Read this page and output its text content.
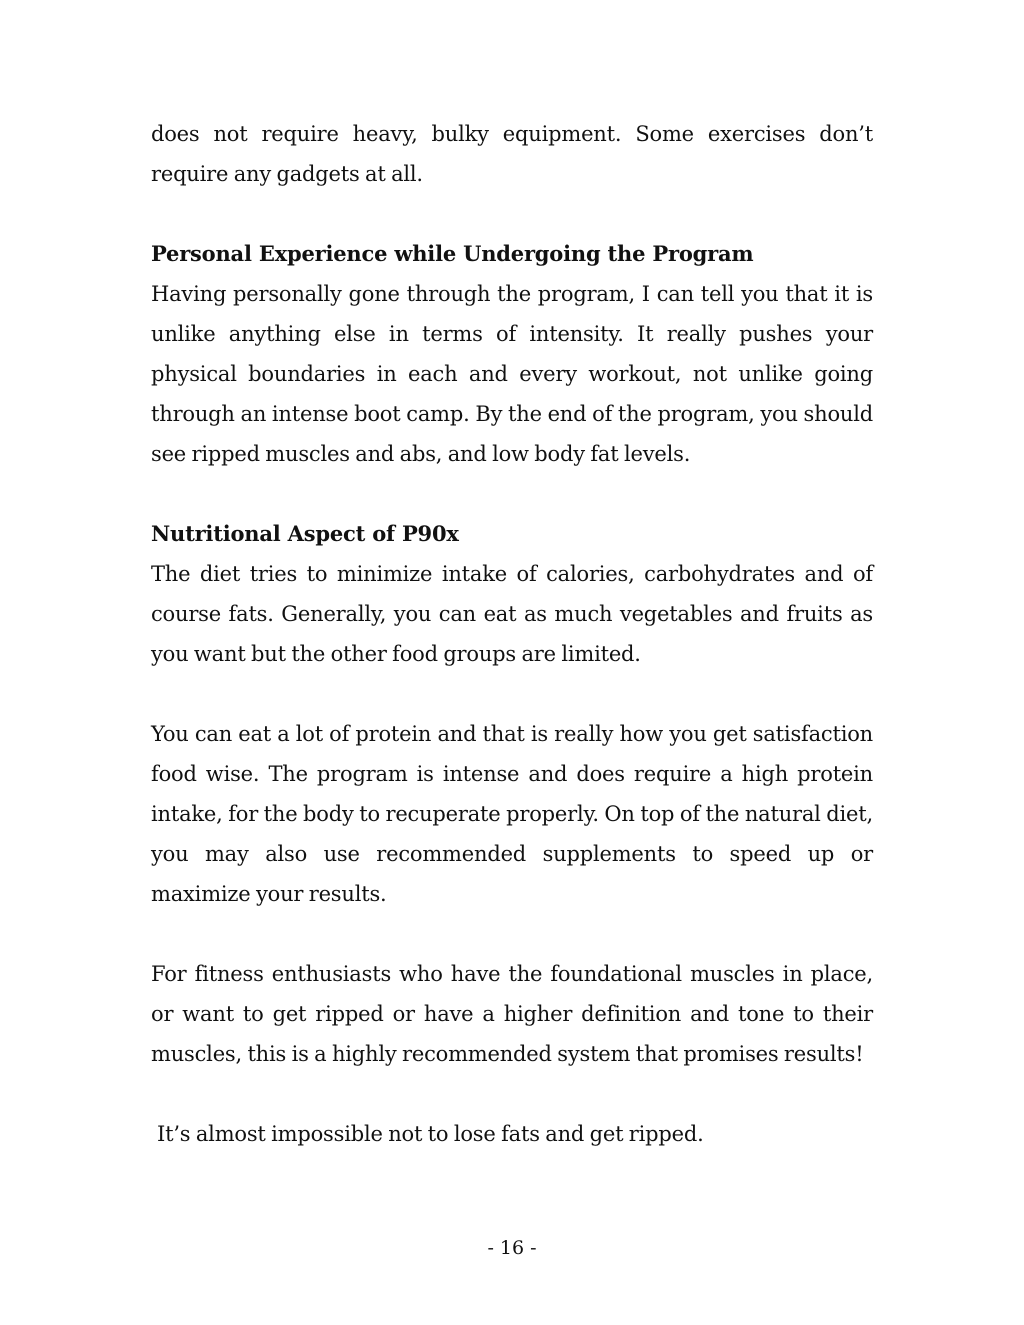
does not require heavy, bulky equipment. Some exercises don’t require any gadgets at all.

Personal Experience while Undergoing the Program

Having personally gone through the program, I can tell you that it is unlike anything else in terms of intensity. It really pushes your physical boundaries in each and every workout, not unlike going through an intense boot camp. By the end of the program, you should see ripped muscles and abs, and low body fat levels.

Nutritional Aspect of P90x

The diet tries to minimize intake of calories, carbohydrates and of course fats. Generally, you can eat as much vegetables and fruits as you want but the other food groups are limited.

You can eat a lot of protein and that is really how you get satisfaction food wise. The program is intense and does require a high protein intake, for the body to recuperate properly. On top of the natural diet, you may also use recommended supplements to speed up or maximize your results.

For fitness enthusiasts who have the foundational muscles in place, or want to get ripped or have a higher definition and tone to their muscles, this is a highly recommended system that promises results!

It’s almost impossible not to lose fats and get ripped.

- 16 -
